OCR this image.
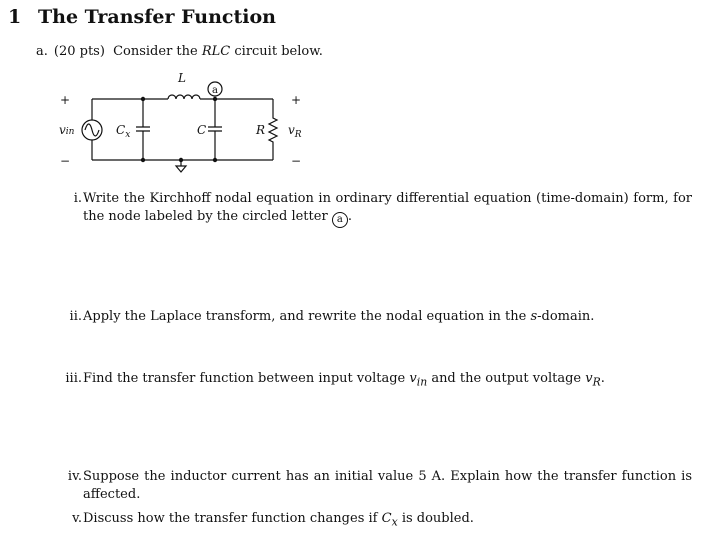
1 The Transfer Function

a. (20 pts) Consider the RLC circuit below.

a
L
+
−
+
−
vin	$C_x$	C	R $v_R$
i. Write the Kirchhoff nodal equation in ordinary differential equation (time-domain) form, for the node labeled by the circled letter a .
ii. Apply the Laplace transform, and rewrite the nodal equation in the s-domain.
iii. Find the transfer function between input voltage $v_{in}$ and the output voltage $v_R$.
iv. Suppose the inductor current has an initial value 5 A. Explain how the transfer function is affected.
v. Discuss how the transfer function changes if $C_x$ is doubled.
